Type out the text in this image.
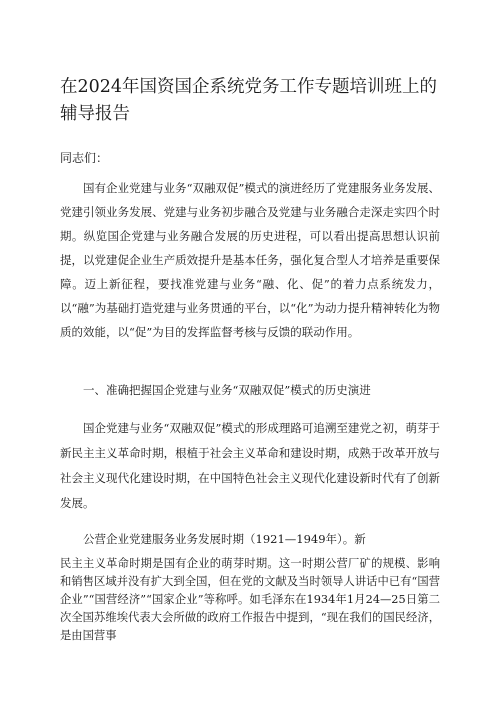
在2024年国资国企系统党务工作专题培训班上的辅导报告
同志们：

国有企业党建与业务“双融双促”模式的演进经历了党建服务业务发展、党建引领业务发展、党建与业务初步融合及党建与业务融合走深走实四个时期。纵览国企党建与业务融合发展的历史进程，可以看出提高思想认识前提，以党建促企业生产质效提升是基本任务，强化复合型人才培养是重要保障。迈上新征程，要找准党建与业务“融、化、促”的着力点系统发力，以“融”为基础打造党建与业务贯通的平台，以“化”为动力提升精神转化为物质的效能，以“促”为目的发挥监督考核与反馈的联动作用。

一、准确把握国企党建与业务“双融双促”模式的历史演进

国企党建与业务“双融双促”模式的形成理路可追溯至建党之初，萌芽于新民主主义革命时期，根植于社会主义革命和建设时期，成熟于改革开放与社会主义现代化建设时期，在中国特色社会主义现代化建设新时代有了创新发展。

公营企业党建服务业务发展时期（1921—1949年）。新
民主主义革命时期是国有企业的萌芽时期。这一时期公营厂矿的规模、影响和销售区域并没有扩大到全国，但在党的文献及当时领导人讲话中已有“国营企业”“国营经济”“国家企业”等称呼。如毛泽东在1934年1月24—25日第二次全国苏维埃代表大会所做的政府工作报告中提到，“现在我们的国民经济，是由国营事
